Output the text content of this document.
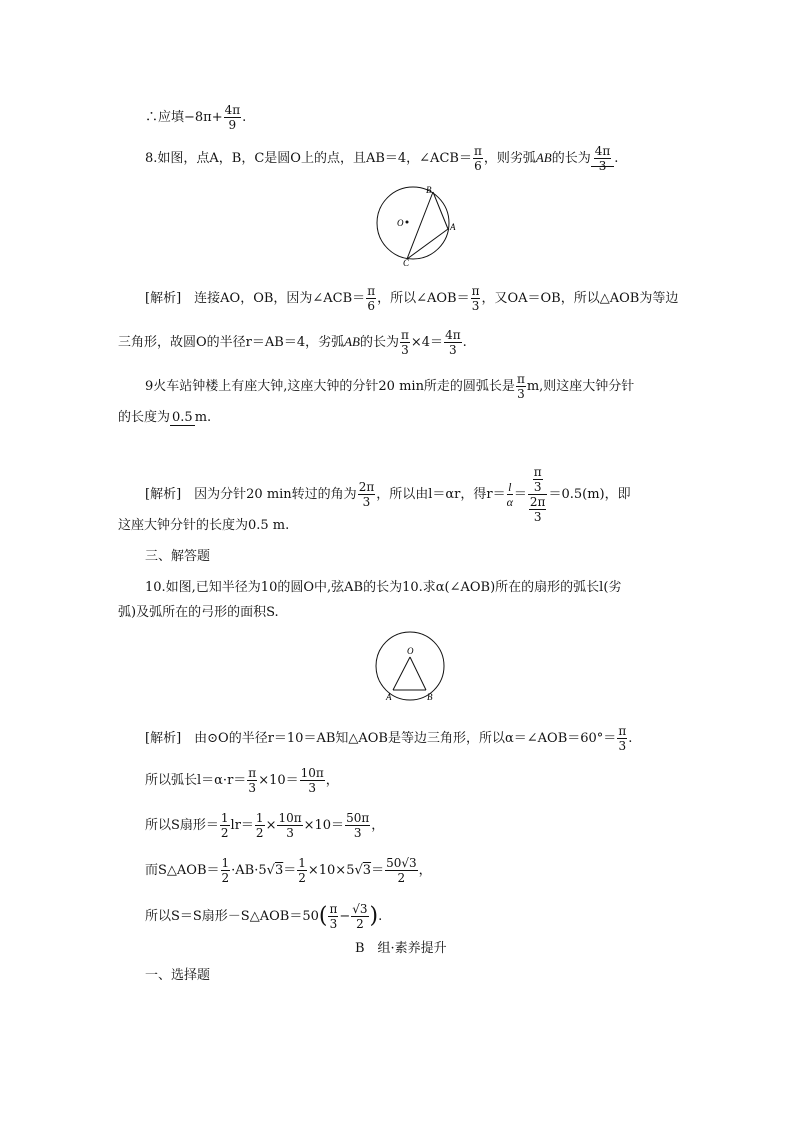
∴应填$-8\pi+ \frac{4\pi}{9}$ .
8.如图，点A，B，C是圆O上的点，且AB＝4，∠ACB＝ $\frac{\pi}{6}$ ，则劣弧AB的长为 $\frac{4\pi}{3}$ .
O
B
A
C
[解析]　连接AO，OB，因为∠ACB＝ $\frac{\pi}{6}$ ，所以∠AOB＝ $\frac{\pi}{3}$ ，又OA＝OB，所以△AOB为等边
三角形，故圆O的半径r＝AB＝4，劣弧AB的长为 $\frac{\pi}{3} \times 4= \frac{4\pi}{3}$ .
9火车站钟楼上有座大钟,这座大钟的分针20 min所走的圆弧长是 $\frac{\pi}{3} m$,则这座大钟分针
的长度为 0.5 m.
[解析]　因为分针20 min转过的角为 $\frac{2\pi}{3}$ ，所以由l＝αr，得$r= \frac{l}{\alpha} = \frac{\frac{\pi}{3}}{\frac{2\pi}{3}} =0.5(m)$，即
这座大钟分针的长度为0.5 m.
三、解答题
10.如图,已知半径为10的圆O中,弦AB的长为10.求α(∠AOB)所在的扇形的弧长l(劣
弧)及弧所在的弓形的面积S.
O
A	B
[解析]　由⊙O的半径r＝10＝AB知△AOB是等边三角形，所以α＝∠AOB＝60°＝ $\frac{\pi}{3}$ .
所以弧长$l=\alpha\cdot r= \frac{\pi}{3} \times 10= \frac{10\pi}{3}$ ，
所以S扇形＝ $\frac{1}{2} lr= \frac{1}{2} \times \frac{10\pi}{3} \times 10= \frac{50\pi}{3}$ ，
而S△AOB＝ $\frac{1}{2} \cdot AB\cdot 5√3= \frac{1}{2} \times 10\times 5√3= \frac{50√3}{2}$ ，
所以S＝S扇形－S△AOB＝50( $\frac{\pi}{3} - \frac{√3}{2}$ ).
B　组·素养提升
一、选择题
